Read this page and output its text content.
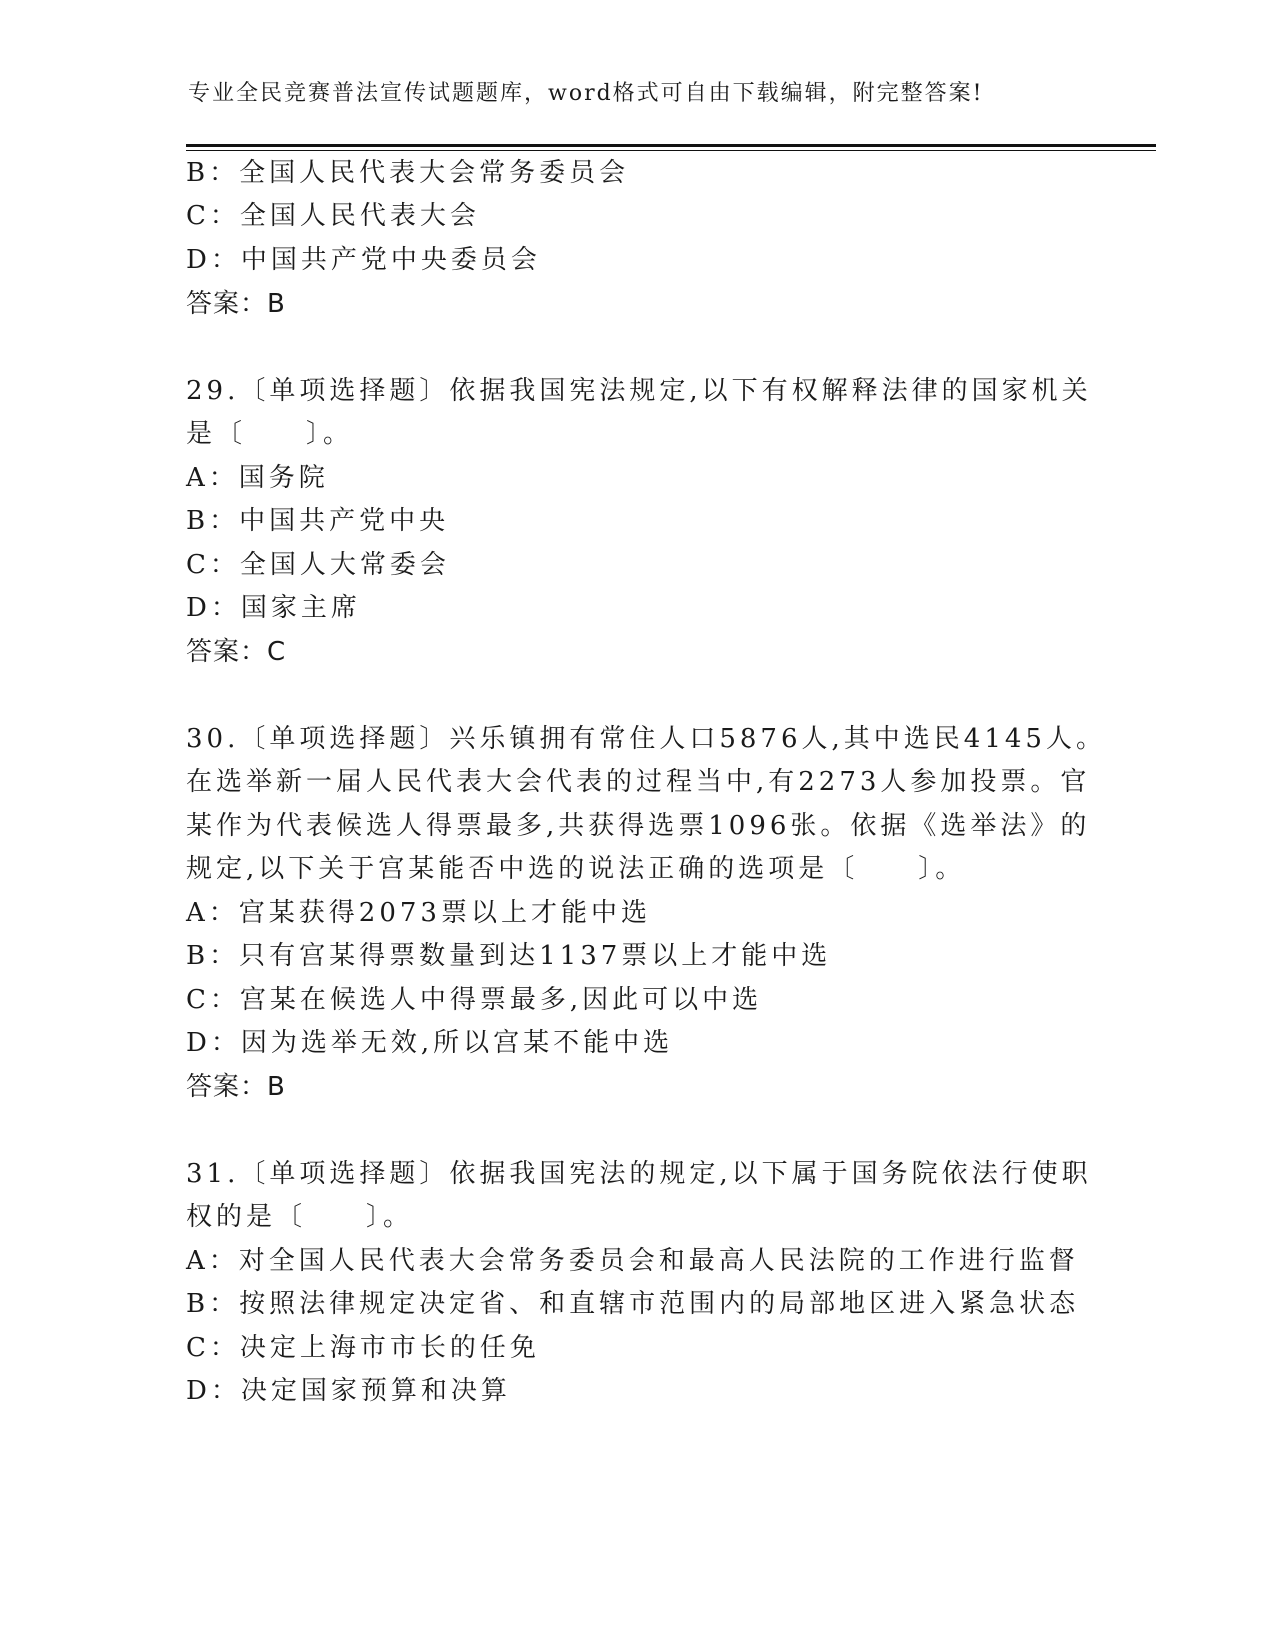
专业全民竞赛普法宣传试题题库，word格式可自由下载编辑，附完整答案!
B：全国人民代表大会常务委员会
C：全国人民代表大会
D：中国共产党中央委员会
答案：B
29.〔单项选择题〕依据我国宪法规定,以下有权解释法律的国家机关
是〔　　〕。
A：国务院
B：中国共产党中央
C：全国人大常委会
D：国家主席
答案：C
30.〔单项选择题〕兴乐镇拥有常住人口5876人,其中选民4145人。
在选举新一届人民代表大会代表的过程当中,有2273人参加投票。官
某作为代表候选人得票最多,共获得选票1096张。依据《选举法》的
规定,以下关于宫某能否中选的说法正确的选项是〔　　〕。
A：宫某获得2073票以上才能中选
B：只有宫某得票数量到达1137票以上才能中选
C：宫某在候选人中得票最多,因此可以中选
D：因为选举无效,所以宫某不能中选
答案：B
31.〔单项选择题〕依据我国宪法的规定,以下属于国务院依法行使职
权的是〔　　〕。
A：对全国人民代表大会常务委员会和最高人民法院的工作进行监督
B：按照法律规定决定省、和直辖市范围内的局部地区进入紧急状态
C：决定上海市市长的任免
D：决定国家预算和决算
